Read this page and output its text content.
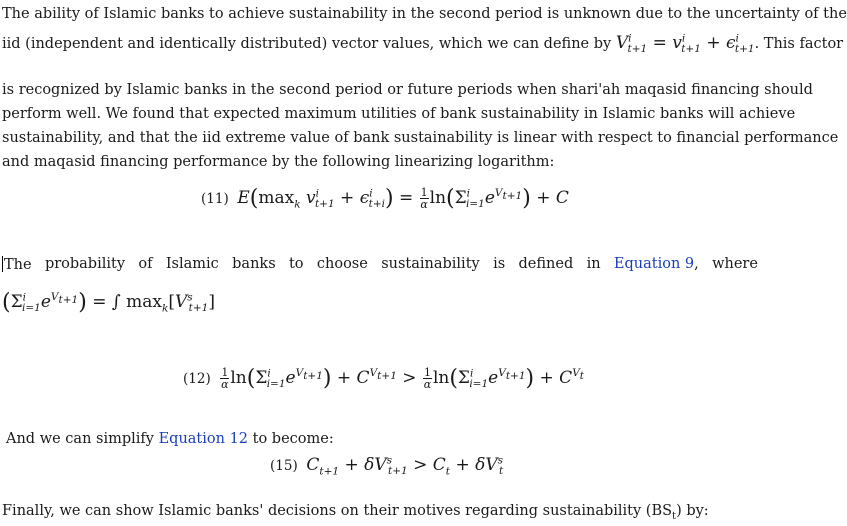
The ability of Islamic banks to achieve sustainability in the second period is unknown due to the uncertainty of the
iid (independent and identically distributed) vector values, which we can define by $V^i_{t+1} = v^i_{t+1} + \epsilon^i_{t+1}$. This factor
is recognized by Islamic banks in the second period or future periods when shari'ah maqasid financing should
perform well. We found that expected maximum utilities of bank sustainability in Islamic banks will achieve
sustainability, and that the iid extreme value of bank sustainability is linear with respect to financial performance
and maqasid financing performance by the following linearizing logarithm:
(11) $E(\max_k$ $v^i_{t+1} + \epsilon^i_{t+i}) = \frac{1}{\alpha} \ln(\Sigma^i_{i=1}e^{V_{t+1}}) + C$
The probability of Islamic banks to choose sustainability is defined in Equation 9, where
$(\Sigma^i_{i=1}e^{V_{t+1}})$ = ∫ $\max_k[V^s_{t+1}]$
$(12) \frac{1}{\alpha} \ln(\Sigma^i_{i=1}e^{V_{t+1}}) + C^{V_{t+1}} > \frac{1}{\alpha} \ln(\Sigma^i_{i=1}e^{V_{t+1}}) + C^{V_t}$
And we can simplify Equation 12 to become:
(15) $C_{t+1} + \delta V^s_{t+1} > C_t + \delta V^s_t$
Finally, we can show Islamic banks' decisions on their motives regarding sustainability $(BS_t)$ by:
